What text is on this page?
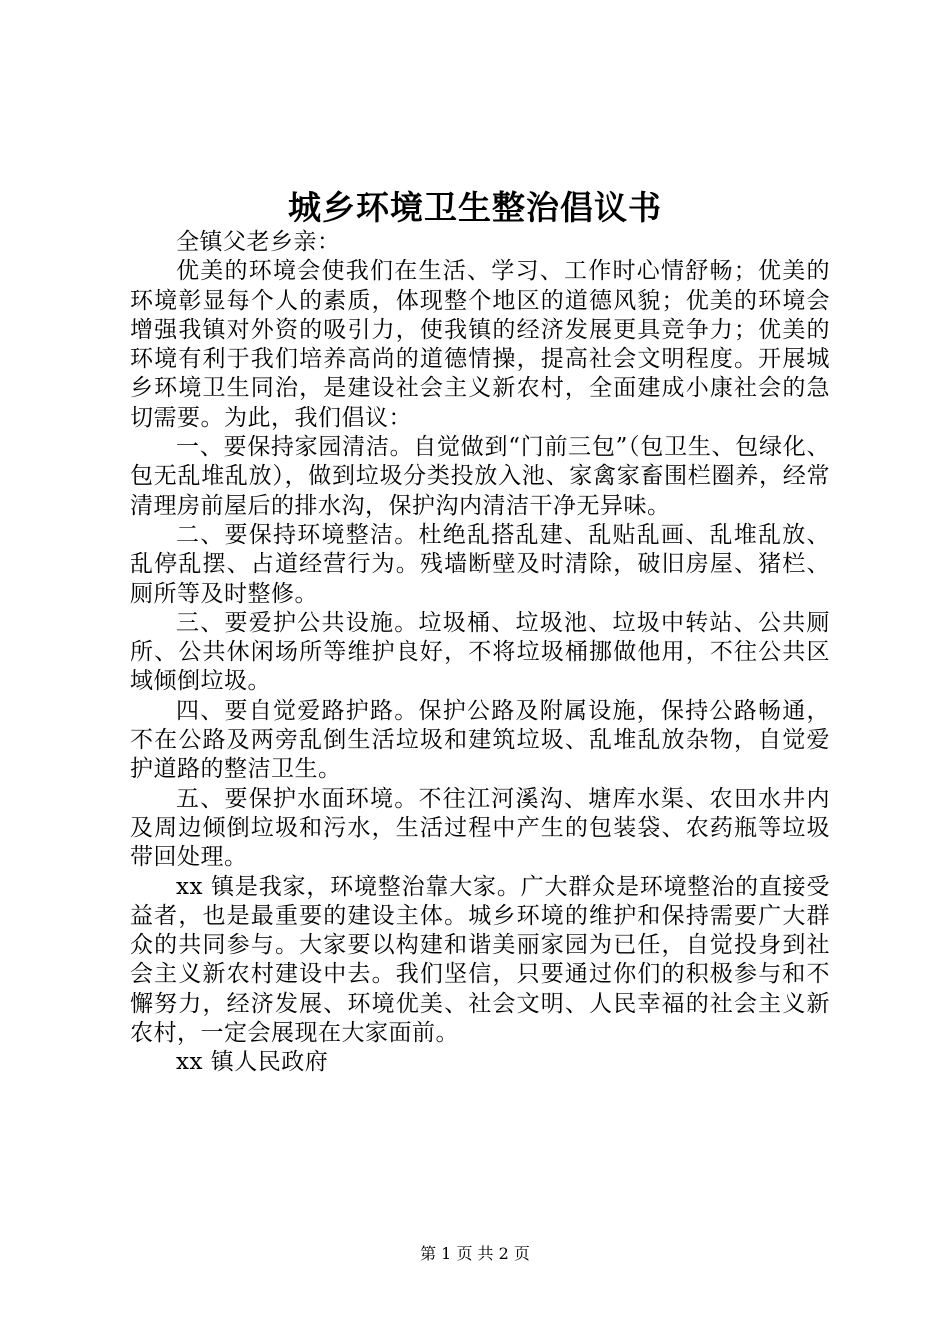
城乡环境卫生整治倡议书

全镇父老乡亲：

优美的环境会使我们在生活、学习、工作时心情舒畅；优美的环境彰显每个人的素质，体现整个地区的道德风貌；优美的环境会增强我镇对外资的吸引力，使我镇的经济发展更具竞争力；优美的环境有利于我们培养高尚的道德情操，提高社会文明程度。开展城乡环境卫生同治，是建设社会主义新农村，全面建成小康社会的急切需要。为此，我们倡议：

一、要保持家园清洁。自觉做到“门前三包”（包卫生、包绿化、包无乱堆乱放），做到垃圾分类投放入池、家禽家畜围栏圈养，经常清理房前屋后的排水沟，保护沟内清洁干净无异味。

二、要保持环境整洁。杜绝乱搭乱建、乱贴乱画、乱堆乱放、乱停乱摆、占道经营行为。残墙断壁及时清除，破旧房屋、猪栏、厕所等及时整修。

三、要爱护公共设施。垃圾桶、垃圾池、垃圾中转站、公共厕所、公共休闲场所等维护良好，不将垃圾桶挪做他用，不往公共区域倾倒垃圾。

四、要自觉爱路护路。保护公路及附属设施，保持公路畅通，不在公路及两旁乱倒生活垃圾和建筑垃圾、乱堆乱放杂物，自觉爱护道路的整洁卫生。

五、要保护水面环境。不往江河溪沟、塘库水渠、农田水井内及周边倾倒垃圾和污水，生活过程中产生的包装袋、农药瓶等垃圾带回处理。

xx 镇是我家，环境整治靠大家。广大群众是环境整治的直接受益者，也是最重要的建设主体。城乡环境的维护和保持需要广大群众的共同参与。大家要以构建和谐美丽家园为已任，自觉投身到社会主义新农村建设中去。我们坚信，只要通过你们的积极参与和不懈努力，经济发展、环境优美、社会文明、人民幸福的社会主义新农村，一定会展现在大家面前。

xx 镇人民政府

第 1 页 共 2 页
